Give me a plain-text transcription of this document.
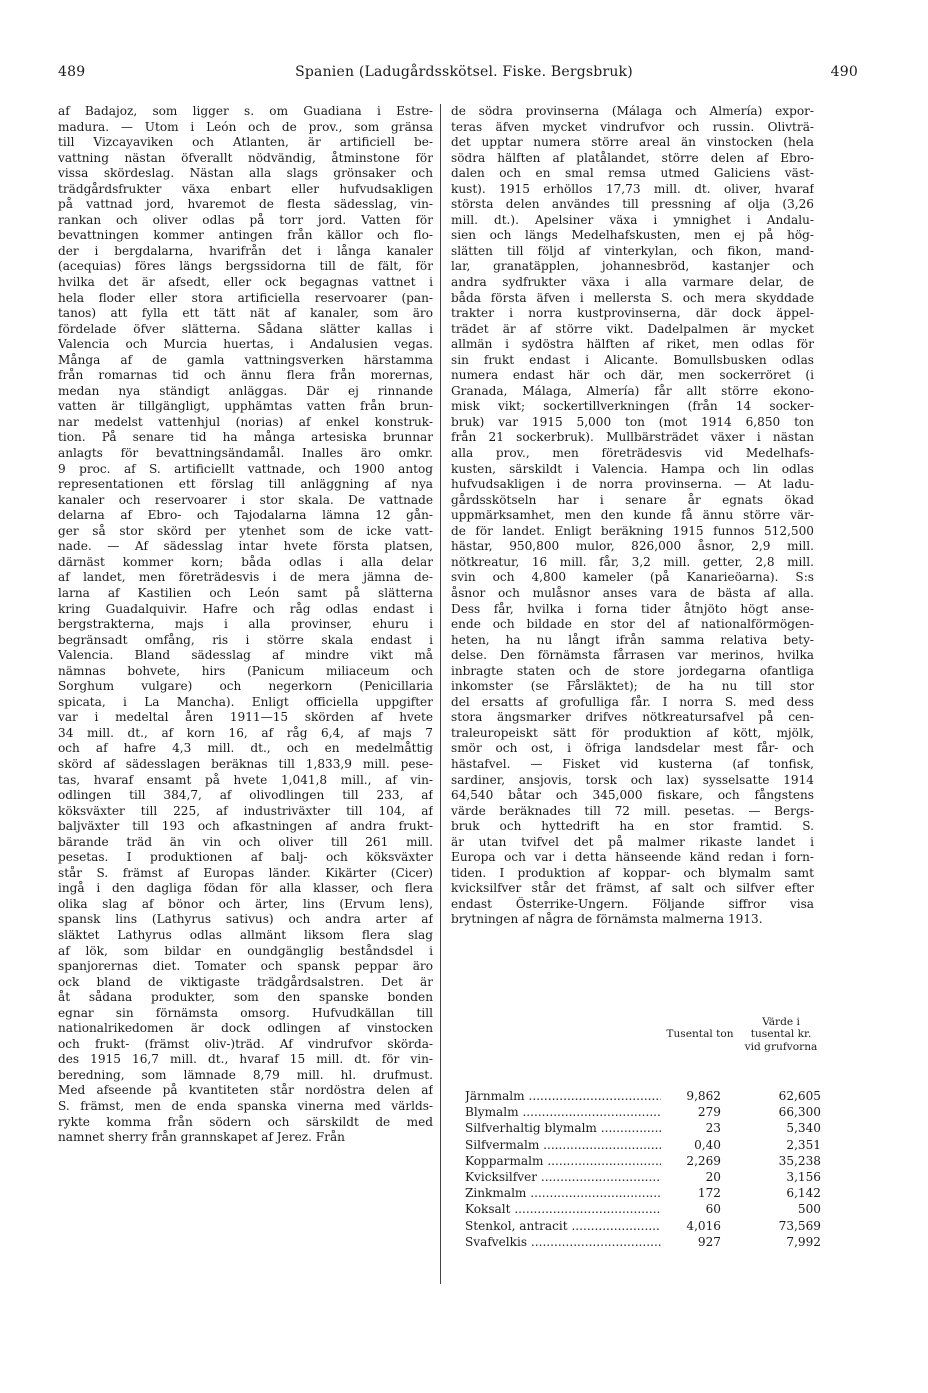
489	Spanien (Ladugårdsskötsel. Fiske. Bergsbruk)	490
af Badajoz, som ligger s. om Guadiana i Estre-
madura. — Utom i León och de prov., som gränsa
till Vizcayaviken och Atlanten, är artificiell be-
vattning nästan öfverallt nödvändig, åtminstone för
vissa skördeslag. Nästan alla slags grönsaker och
trädgårdsfrukter växa enbart eller hufvudsakligen
på vattnad jord, hvaremot de flesta sädesslag, vin-
rankan och oliver odlas på torr jord. Vatten för
bevattningen kommer antingen från källor och flo-
der i bergdalarna, hvarifrån det i långa kanaler
(acequias) föres längs bergssidorna till de fält, för
hvilka det är afsedt, eller ock begagnas vattnet i
hela floder eller stora artificiella reservoarer (pan-
tanos) att fylla ett tätt nät af kanaler, som äro
fördelade öfver slätterna. Sådana slätter kallas i
Valencia och Murcia huertas, i Andalusien vegas.
Många af de gamla vattningsverken härstamma
från romarnas tid och ännu flera från morernas,
medan nya ständigt anläggas. Där ej rinnande
vatten är tillgängligt, upphämtas vatten från brun-
nar medelst vattenhjul (norias) af enkel konstruk-
tion. På senare tid ha många artesiska brunnar
anlagts för bevattningsändamål. Inalles äro omkr.
9 proc. af S. artificiellt vattnade, och 1900 antog
representationen ett förslag till anläggning af nya
kanaler och reservoarer i stor skala. De vattnade
delarna af Ebro- och Tajodalarna lämna 12 gån-
ger så stor skörd per ytenhet som de icke vatt-
nade. — Af sädesslag intar hvete första platsen,
därnäst kommer korn; båda odlas i alla delar
af landet, men företrädesvis i de mera jämna de-
larna af Kastilien och León samt på slätterna
kring Guadalquivir. Hafre och råg odlas endast i
bergstrakterna, majs i alla provinser, ehuru i
begränsadt omfång, ris i större skala endast i
Valencia. Bland sädesslag af mindre vikt må
nämnas bohvete, hirs (Panicum miliaceum och
Sorghum vulgare) och negerkorn (Penicillaria
spicata, i La Mancha). Enligt officiella uppgifter
var i medeltal åren 1911—15 skörden af hvete
34 mill. dt., af korn 16, af råg 6,4, af majs 7
och af hafre 4,3 mill. dt., och en medelmåttig
skörd af sädesslagen beräknas till 1,833,9 mill. pese-
tas, hvaraf ensamt på hvete 1,041,8 mill., af vin-
odlingen till 384,7, af olivodlingen till 233, af
köksväxter till 225, af industriväxter till 104, af
baljväxter till 193 och afkastningen af andra frukt-
bärande träd än vin och oliver till 261 mill.
pesetas. I produktionen af balj- och köksväxter
står S. främst af Europas länder. Kikärter (Cicer)
ingå i den dagliga födan för alla klasser, och flera
olika slag af bönor och ärter, lins (Ervum lens),
spansk lins (Lathyrus sativus) och andra arter af
släktet Lathyrus odlas allmänt liksom flera slag
af lök, som bildar en oundgänglig beståndsdel i
spanjorernas diet. Tomater och spansk peppar äro
ock bland de viktigaste trädgårdsalstren. Det är
åt sådana produkter, som den spanske bonden
egnar sin förnämsta omsorg. Hufvudkällan till
nationalrikedomen är dock odlingen af vinstocken
och frukt- (främst oliv-)träd. Af vindrufvor skörda-
des 1915 16,7 mill. dt., hvaraf 15 mill. dt. för vin-
beredning, som lämnade 8,79 mill. hl. drufmust.
Med afseende på kvantiteten står nordöstra delen af
S. främst, men de enda spanska vinerna med världs-
rykte komma från södern och särskildt de med
namnet sherry från grannskapet af Jerez. Från
de södra provinserna (Málaga och Almería) expor-
teras äfven mycket vindrufvor och russin. Olivträ-
det upptar numera större areal än vinstocken (hela
södra hälften af platålandet, större delen af Ebro-
dalen och en smal remsa utmed Galiciens väst-
kust). 1915 erhöllos 17,73 mill. dt. oliver, hvaraf
största delen användes till pressning af olja (3,26
mill. dt.). Apelsiner växa i ymnighet i Andalu-
sien och längs Medelhafskusten, men ej på hög-
slätten till följd af vinterkylan, och fikon, mand-
lar, granatäpplen, johannesbröd, kastanjer och
andra sydfrukter växa i alla varmare delar, de
båda första äfven i mellersta S. och mera skyddade
trakter i norra kustprovinserna, där dock äppel-
trädet är af större vikt. Dadelpalmen är mycket
allmän i sydöstra hälften af riket, men odlas för
sin frukt endast i Alicante. Bomullsbusken odlas
numera endast här och där, men sockerröret (i
Granada, Málaga, Almería) får allt större ekono-
misk vikt; sockertillverkningen (från 14 socker-
bruk) var 1915 5,000 ton (mot 1914 6,850 ton
från 21 sockerbruk). Mullbärsträdet växer i nästan
alla prov., men företrädesvis vid Medelhafs-
kusten, särskildt i Valencia. Hampa och lin odlas
hufvudsakligen i de norra provinserna. — At ladu-
gårdsskötseln har i senare år egnats ökad
uppmärksamhet, men den kunde få ännu större vär-
de för landet. Enligt beräkning 1915 funnos 512,500
hästar, 950,800 mulor, 826,000 åsnor, 2,9 mill.
nötkreatur, 16 mill. får, 3,2 mill. getter, 2,8 mill.
svin och 4,800 kameler (på Kanarieöarna). S:s
åsnor och mulåsnor anses vara de bästa af alla.
Dess får, hvilka i forna tider åtnjöto högt anse-
ende och bildade en stor del af nationalförmögen-
heten, ha nu långt ifrån samma relativa bety-
delse. Den förnämsta fårrasen var merinos, hvilka
inbragte staten och de store jordegarna ofantliga
inkomster (se Fårsläktet); de ha nu till stor
del ersatts af grofulliga får. I norra S. med dess
stora ängsmarker drifves nötkreatursafvel på cen-
traleuropeiskt sätt för produktion af kött, mjölk,
smör och ost, i öfriga landsdelar mest får- och
hästafvel. — Fisket vid kusterna (af tonfisk,
sardiner, ansjovis, torsk och lax) sysselsatte 1914
64,540 båtar och 345,000 fiskare, och fångstens
värde beräknades till 72 mill. pesetas. — Bergs-
bruk och hyttedrift ha en stor framtid. S.
är utan tvifvel det på malmer rikaste landet i
Europa och var i detta hänseende känd redan i forn-
tiden. I produktion af koppar- och blymalm samt
kvicksilfver står det främst, af salt och silfver efter
endast Österrike-Ungern. Följande siffror visa
brytningen af några de förnämsta malmerna 1913.
Tusental ton
Värde i tusental kr. vid grufvorna
Järnmalm .....	9,862	62,605
Blymalm .....	279	66,300
Silfverhaltig blymalm .....	23	5,340
Silfvermalm .....	0,40	2,351
Kopparmalm .....	2,269	35,238
Kvicksilfver .....	20	3,156
Zinkmalm .....	172	6,142
Koksalt .....	60	500
Stenkol, antracit .....	4,016	73,569
Svafvelkis .....	927	7,992
